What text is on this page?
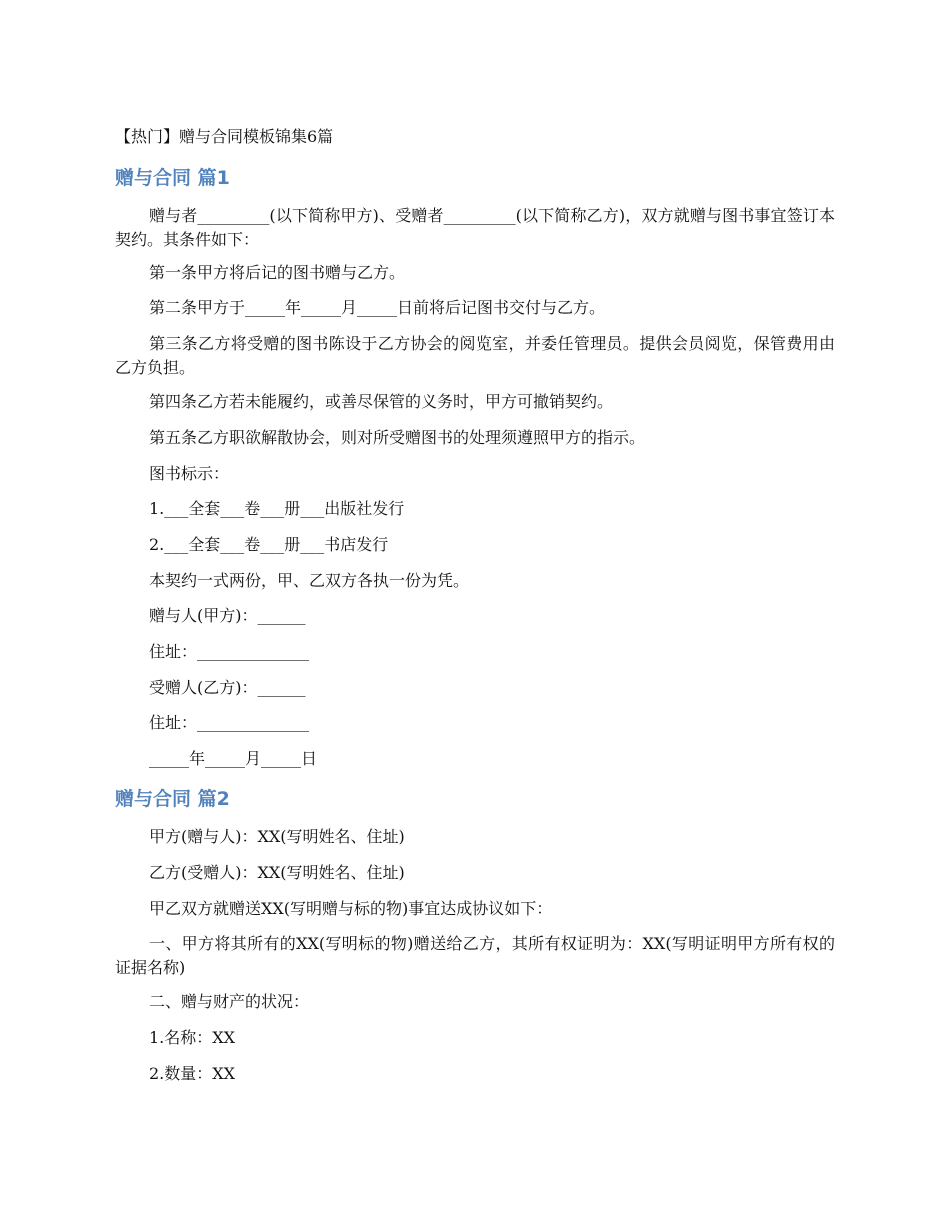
【热门】赠与合同模板锦集6篇
赠与合同 篇1

赠与者_________(以下简称甲方)、受赠者_________(以下简称乙方)，双方就赠与图书事宜签订本契约。其条件如下：

第一条甲方将后记的图书赠与乙方。

第二条甲方于_____年_____月_____日前将后记图书交付与乙方。

第三条乙方将受赠的图书陈设于乙方协会的阅览室，并委任管理员。提供会员阅览，保管费用由乙方负担。

第四条乙方若未能履约，或善尽保管的义务时，甲方可撤销契约。

第五条乙方职欲解散协会，则对所受赠图书的处理须遵照甲方的指示。

图书标示：

1.___全套___卷___册___出版社发行

2.___全套___卷___册___书店发行

本契约一式两份，甲、乙双方各执一份为凭。

赠与人(甲方)：______

住址：______________

受赠人(乙方)：______

住址：______________

_____年_____月_____日

赠与合同 篇2

甲方(赠与人)：XX(写明姓名、住址)

乙方(受赠人)：XX(写明姓名、住址)

甲乙双方就赠送XX(写明赠与标的物)事宜达成协议如下：

一、甲方将其所有的XX(写明标的物)赠送给乙方，其所有权证明为：XX(写明证明甲方所有权的证据名称)

二、赠与财产的状况：

1.名称：XX

2.数量：XX
